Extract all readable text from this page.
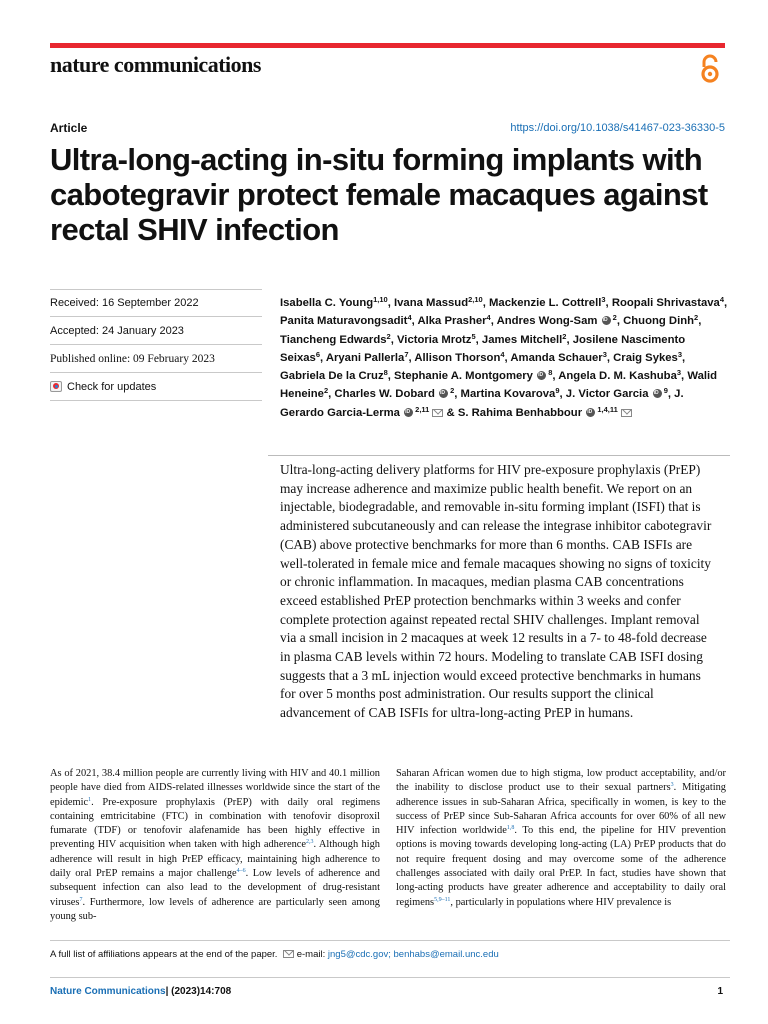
nature communications
Article	https://doi.org/10.1038/s41467-023-36330-5
Ultra-long-acting in-situ forming implants with cabotegravir protect female macaques against rectal SHIV infection
Received: 16 September 2022
Accepted: 24 January 2023
Published online: 09 February 2023
Check for updates
Isabella C. Young$^{1,10}$, Ivana Massud$^{2,10}$, Mackenzie L. Cottrell$^3$, Roopali Shrivastava$^4$, Panita Maturavongsadit$^4$, Alka Prasher$^4$, Andres Wong-Sam iD $^2$, Chuong Dinh$^2$, Tiancheng Edwards$^2$, Victoria Mrotz$^5$, James Mitchell$^2$, Josilene Nascimento Seixas$^6$, Aryani Pallerla$^7$, Allison Thorson$^4$, Amanda Schauer$^3$, Craig Sykes$^3$, Gabriela De la Cruz$^8$, Stephanie A. Montgomery iD $^8$, Angela D. M. Kashuba$^3$, Walid Heneine$^2$, Charles W. Dobard iD $^2$, Martina Kovarova$^9$, J. Victor Garcia iD $^9$, J. Gerardo Garcia-Lerma iD $^{2,11}$ & S. Rahima Benhabbour iD $^{1,4,11}$
Ultra-long-acting delivery platforms for HIV pre-exposure prophylaxis (PrEP) may increase adherence and maximize public health benefit. We report on an injectable, biodegradable, and removable in-situ forming implant (ISFI) that is administered subcutaneously and can release the integrase inhibitor cabotegravir (CAB) above protective benchmarks for more than 6 months. CAB ISFIs are well-tolerated in female mice and female macaques showing no signs of toxicity or chronic inflammation. In macaques, median plasma CAB concentrations exceed established PrEP protection benchmarks within 3 weeks and confer complete protection against repeated rectal SHIV challenges. Implant removal via a small incision in 2 macaques at week 12 results in a 7- to 48-fold decrease in plasma CAB levels within 72 hours. Modeling to translate CAB ISFI dosing suggests that a 3 mL injection would exceed protective benchmarks in humans for over 5 months post administration. Our results support the clinical advancement of CAB ISFIs for ultra-long-acting PrEP in humans.
As of 2021, 38.4 million people are currently living with HIV and 40.1 million people have died from AIDS-related illnesses worldwide since the start of the epidemic$^1$. Pre-exposure prophylaxis (PrEP) with daily oral regimens containing emtricitabine (FTC) in combination with tenofovir disoproxil fumarate (TDF) or tenofovir alafenamide has been highly effective in preventing HIV acquisition when taken with high adherence$^{2,3}$. Although high adherence will result in high PrEP efficacy, maintaining high adherence to daily oral PrEP remains a major challenge$^{4-6}$. Low levels of adherence and subsequent infection can also lead to the development of drug-resistant viruses$^7$. Furthermore, low levels of adherence are particularly seen among young sub-
Saharan African women due to high stigma, low product acceptability, and/or the inability to disclose product use to their sexual partners$^3$. Mitigating adherence issues in sub-Saharan Africa, specifically in women, is key to the success of PrEP since Sub-Saharan Africa accounts for over 60% of all new HIV infection worldwide$^{1,8}$. To this end, the pipeline for HIV prevention options is moving towards developing long-acting (LA) PrEP products that do not require frequent dosing and may overcome some of the adherence challenges associated with daily oral PrEP. In fact, studies have shown that long-acting products have greater adherence and acceptability to daily oral regimens$^{5,9-11}$, particularly in populations where HIV prevalence is
A full list of affiliations appears at the end of the paper. e-mail: jng5@cdc.gov; benhabs@email.unc.edu
Nature Communications| (2023)14:708	1
